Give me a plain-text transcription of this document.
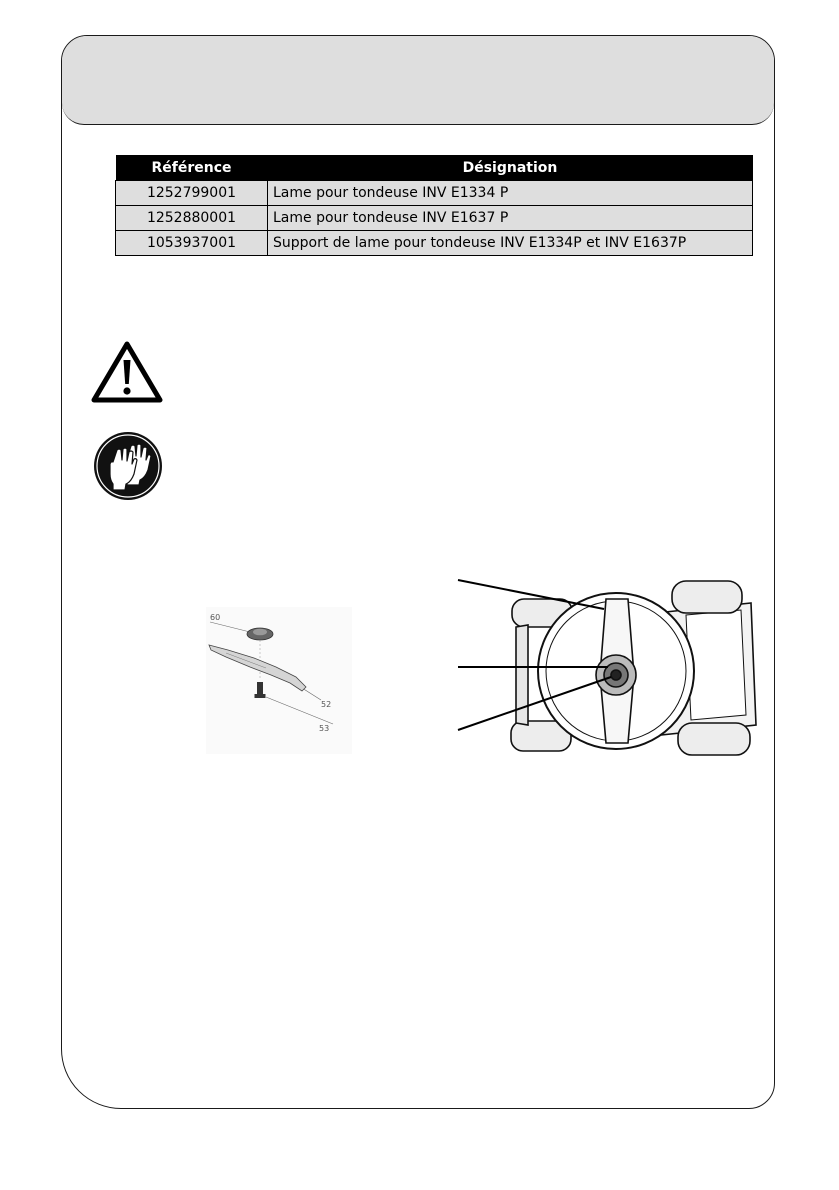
Référence	Désignation
1252799001	Lame pour tondeuse INV E1334 P
1252880001	Lame pour tondeuse INV E1637 P
1053937001	Support de lame pour tondeuse INV E1334P et INV E1637P
60
52
53
